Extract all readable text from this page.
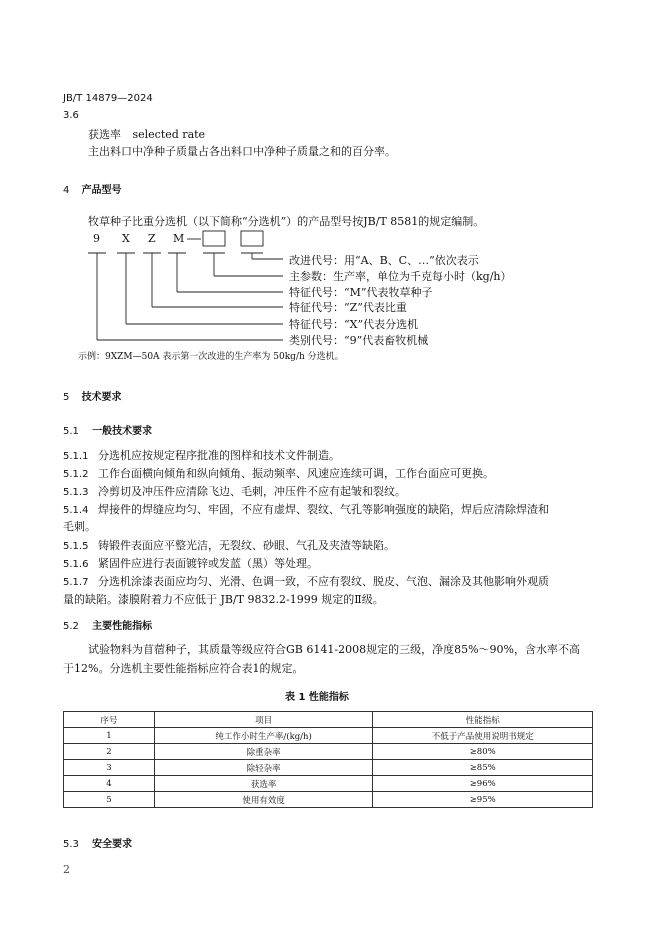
JB/T 14879—2024
3.6
获选率 selected rate
主出料口中净种子质量占各出料口中净种子质量之和的百分率。
4 产品型号
牧草种子比重分选机（以下简称“分选机”）的产品型号按JB/T 8581的规定编制。
9 X Z M
改进代号：用“A、B、C、…”依次表示
主参数：生产率，单位为千克每小时（kg/h）
特征代号：“M”代表牧草种子
特征代号：“Z”代表比重
特征代号：“X”代表分选机
类别代号：“9”代表畜牧机械
示例：9XZM—50A 表示第一次改进的生产率为 50kg/h 分选机。
5 技术要求
5.1 一般技术要求
5.1.1 分选机应按规定程序批准的图样和技术文件制造。
5.1.2 工作台面横向倾角和纵向倾角、振动频率、风速应连续可调，工作台面应可更换。
5.1.3 冷剪切及冲压件应清除飞边、毛刺，冲压件不应有起皱和裂纹。
5.1.4 焊接件的焊缝应均匀、牢固，不应有虚焊、裂纹、气孔等影响强度的缺陷，焊后应清除焊渣和
毛刺。
5.1.5 铸锻件表面应平整光洁，无裂纹、砂眼、气孔及夹渣等缺陷。
5.1.6 紧固件应进行表面镀锌或发蓝（黑）等处理。
5.1.7 分选机涂漆表面应均匀、光滑、色调一致，不应有裂纹、脱皮、气泡、漏涂及其他影响外观质
量的缺陷。漆膜附着力不应低于 JB/T 9832.2-1999 规定的Ⅱ级。
5.2 主要性能指标
试验物料为苜蓿种子，其质量等级应符合GB 6141-2008规定的三级，净度85%～90%，含水率不高
于12%。分选机主要性能指标应符合表1的规定。
表 1 性能指标
序号	项目	性能指标
1	纯工作小时生产率/(kg/h)	不低于产品使用说明书规定
2	除重杂率	≥80%
3	除轻杂率	≥85%
4	获选率	≥96%
5	使用有效度	≥95%
5.3 安全要求
2
